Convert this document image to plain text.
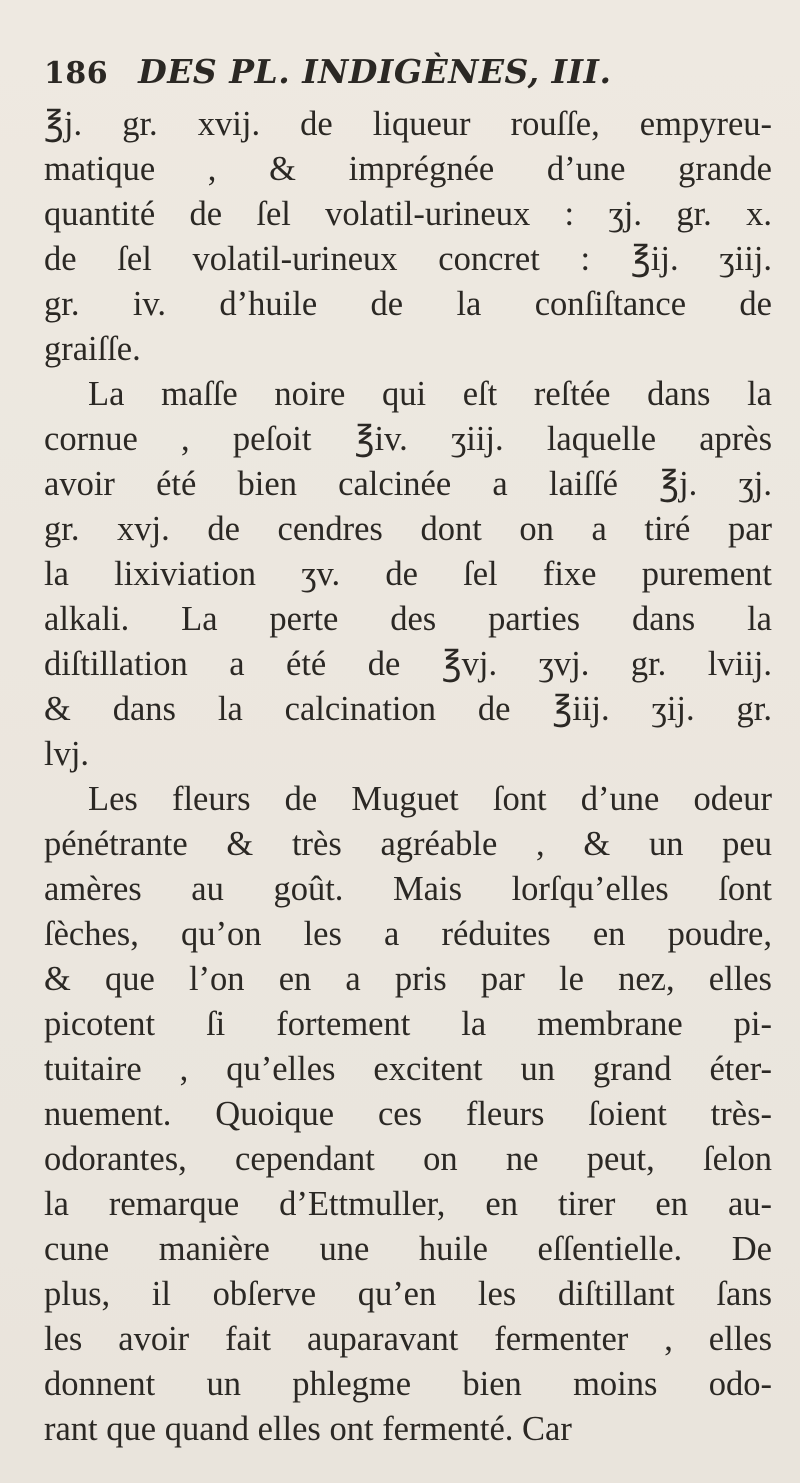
186 DES PL. INDIGÈNES, III.
℥j. gr. xvij. de liqueur rouſſe, empyreu-
matique , & imprégnée d’une grande
quantité de ſel volatil-urineux : ʒj. gr. x.
de ſel volatil-urineux concret : ℥ij. ʒiij.
gr. iv. d’huile de la conſiſtance de
graiſſe.
La maſſe noire qui eſt reſtée dans la
cornue , peſoit ℥iv. ʒiij. laquelle après
avoir été bien calcinée a laiſſé ℥j. ʒj.
gr. xvj. de cendres dont on a tiré par
la lixiviation ʒv. de ſel fixe purement
alkali. La perte des parties dans la
diſtillation a été de ℥vj. ʒvj. gr. lviij.
& dans la calcination de ℥iij. ʒij. gr.
lvj.
Les fleurs de Muguet ſont d’une odeur
pénétrante & très agréable , & un peu
amères au goût. Mais lorſqu’elles ſont
ſèches, qu’on les a réduites en poudre,
& que l’on en a pris par le nez, elles
picotent ſi fortement la membrane pi-
tuitaire , qu’elles excitent un grand éter-
nuement. Quoique ces fleurs ſoient très-
odorantes, cependant on ne peut, ſelon
la remarque d’Ettmuller, en tirer en au-
cune manière une huile eſſentielle. De
plus, il obſerve qu’en les diſtillant ſans
les avoir fait auparavant fermenter , elles
donnent un phlegme bien moins odo-
rant que quand elles ont fermenté. Car
